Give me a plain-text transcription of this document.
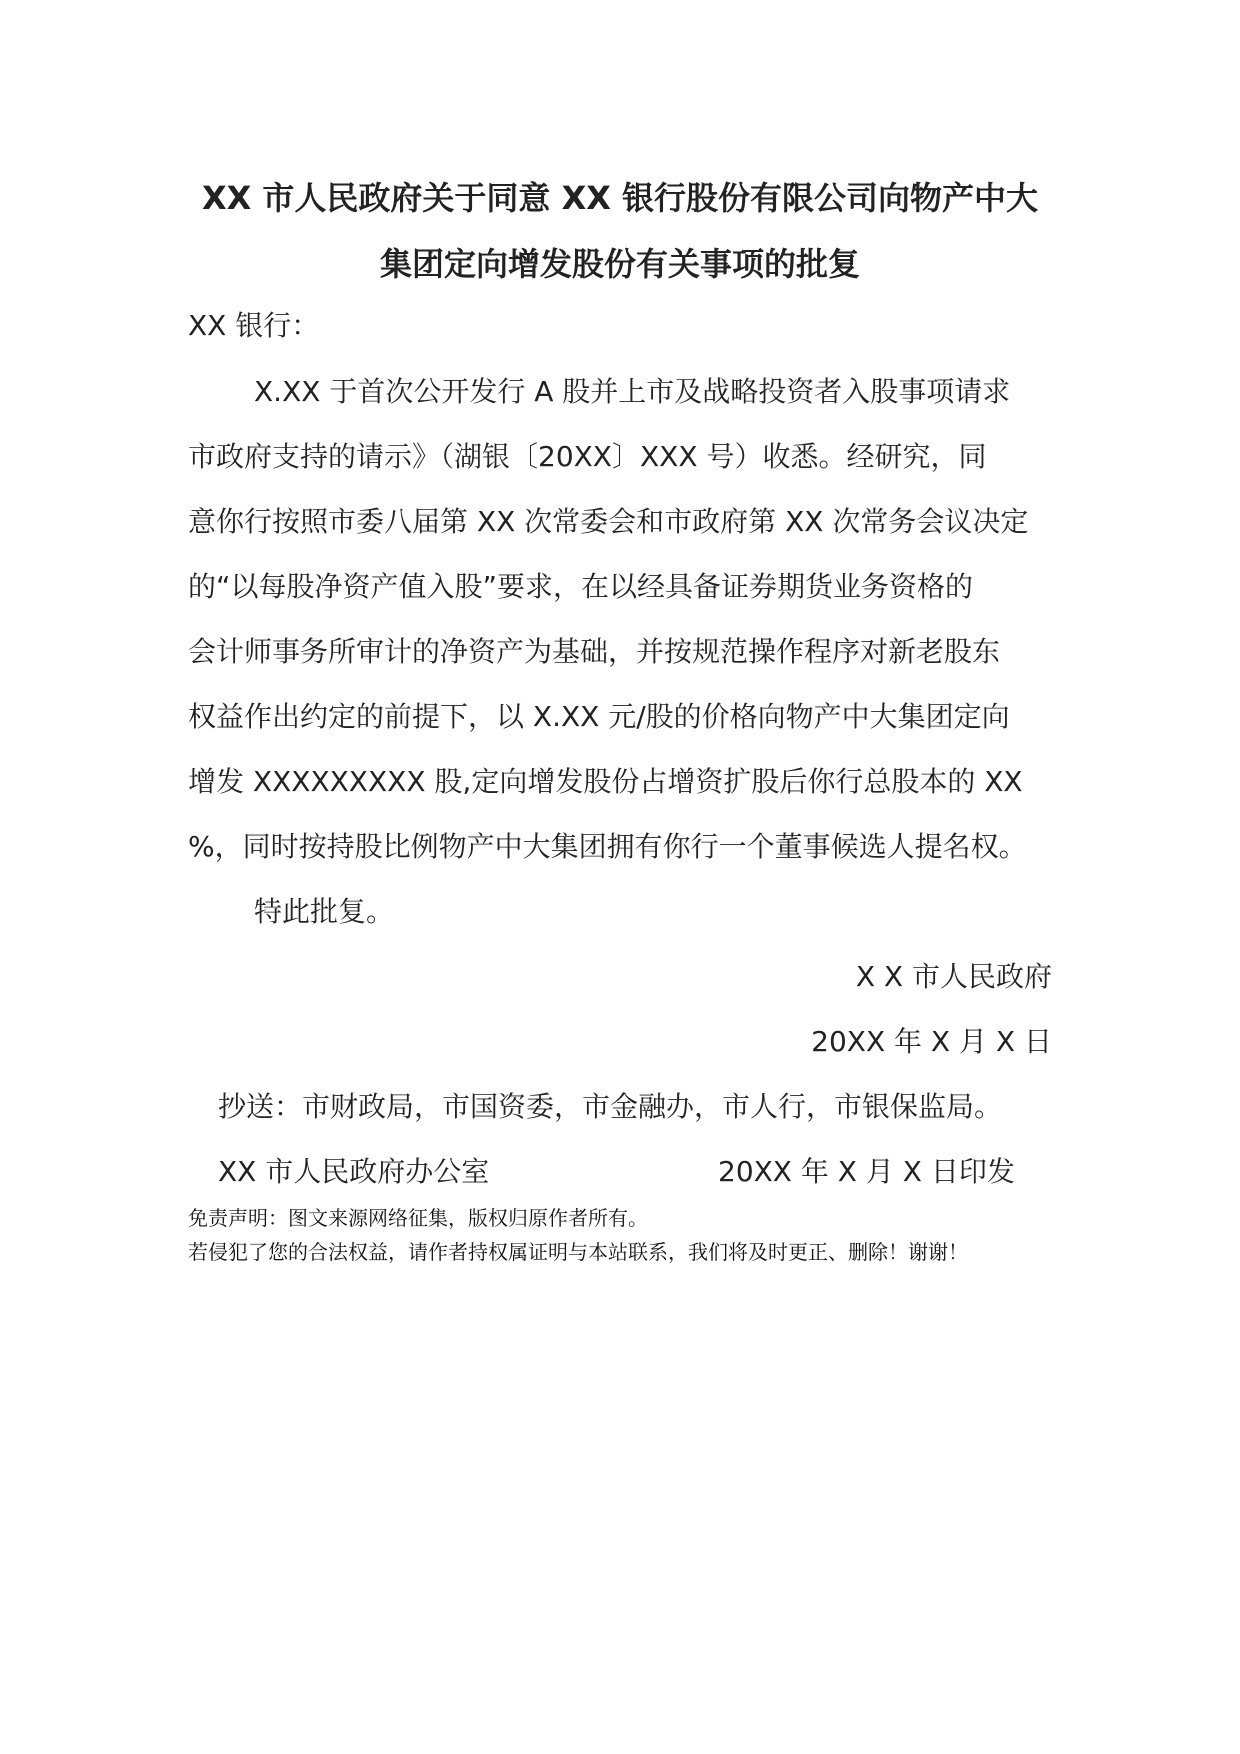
XX 市人民政府关于同意 XX 银行股份有限公司向物产中大
集团定向增发股份有关事项的批复
XX 银行：
X.XX 于首次公开发行 A 股并上市及战略投资者入股事项请求
市政府支持的请示》（湖银〔20XX〕XXX 号）收悉。经研究，同
意你行按照市委八届第 XX 次常委会和市政府第 XX 次常务会议决定
的“以每股净资产值入股”要求，在以经具备证券期货业务资格的
会计师事务所审计的净资产为基础，并按规范操作程序对新老股东
权益作出约定的前提下，以 X.XX 元/股的价格向物产中大集团定向
增发 XXXXXXXXX 股,定向增发股份占增资扩股后你行总股本的 XX
%，同时按持股比例物产中大集团拥有你行一个董事候选人提名权。
特此批复。
X X 市人民政府
20XX 年 X 月 X 日
抄送：市财政局，市国资委，市金融办，市人行，市银保监局。
XX 市人民政府办公室	20XX 年 X 月 X 日印发
免责声明：图文来源网络征集，版权归原作者所有。
若侵犯了您的合法权益，请作者持权属证明与本站联系，我们将及时更正、删除！谢谢！
